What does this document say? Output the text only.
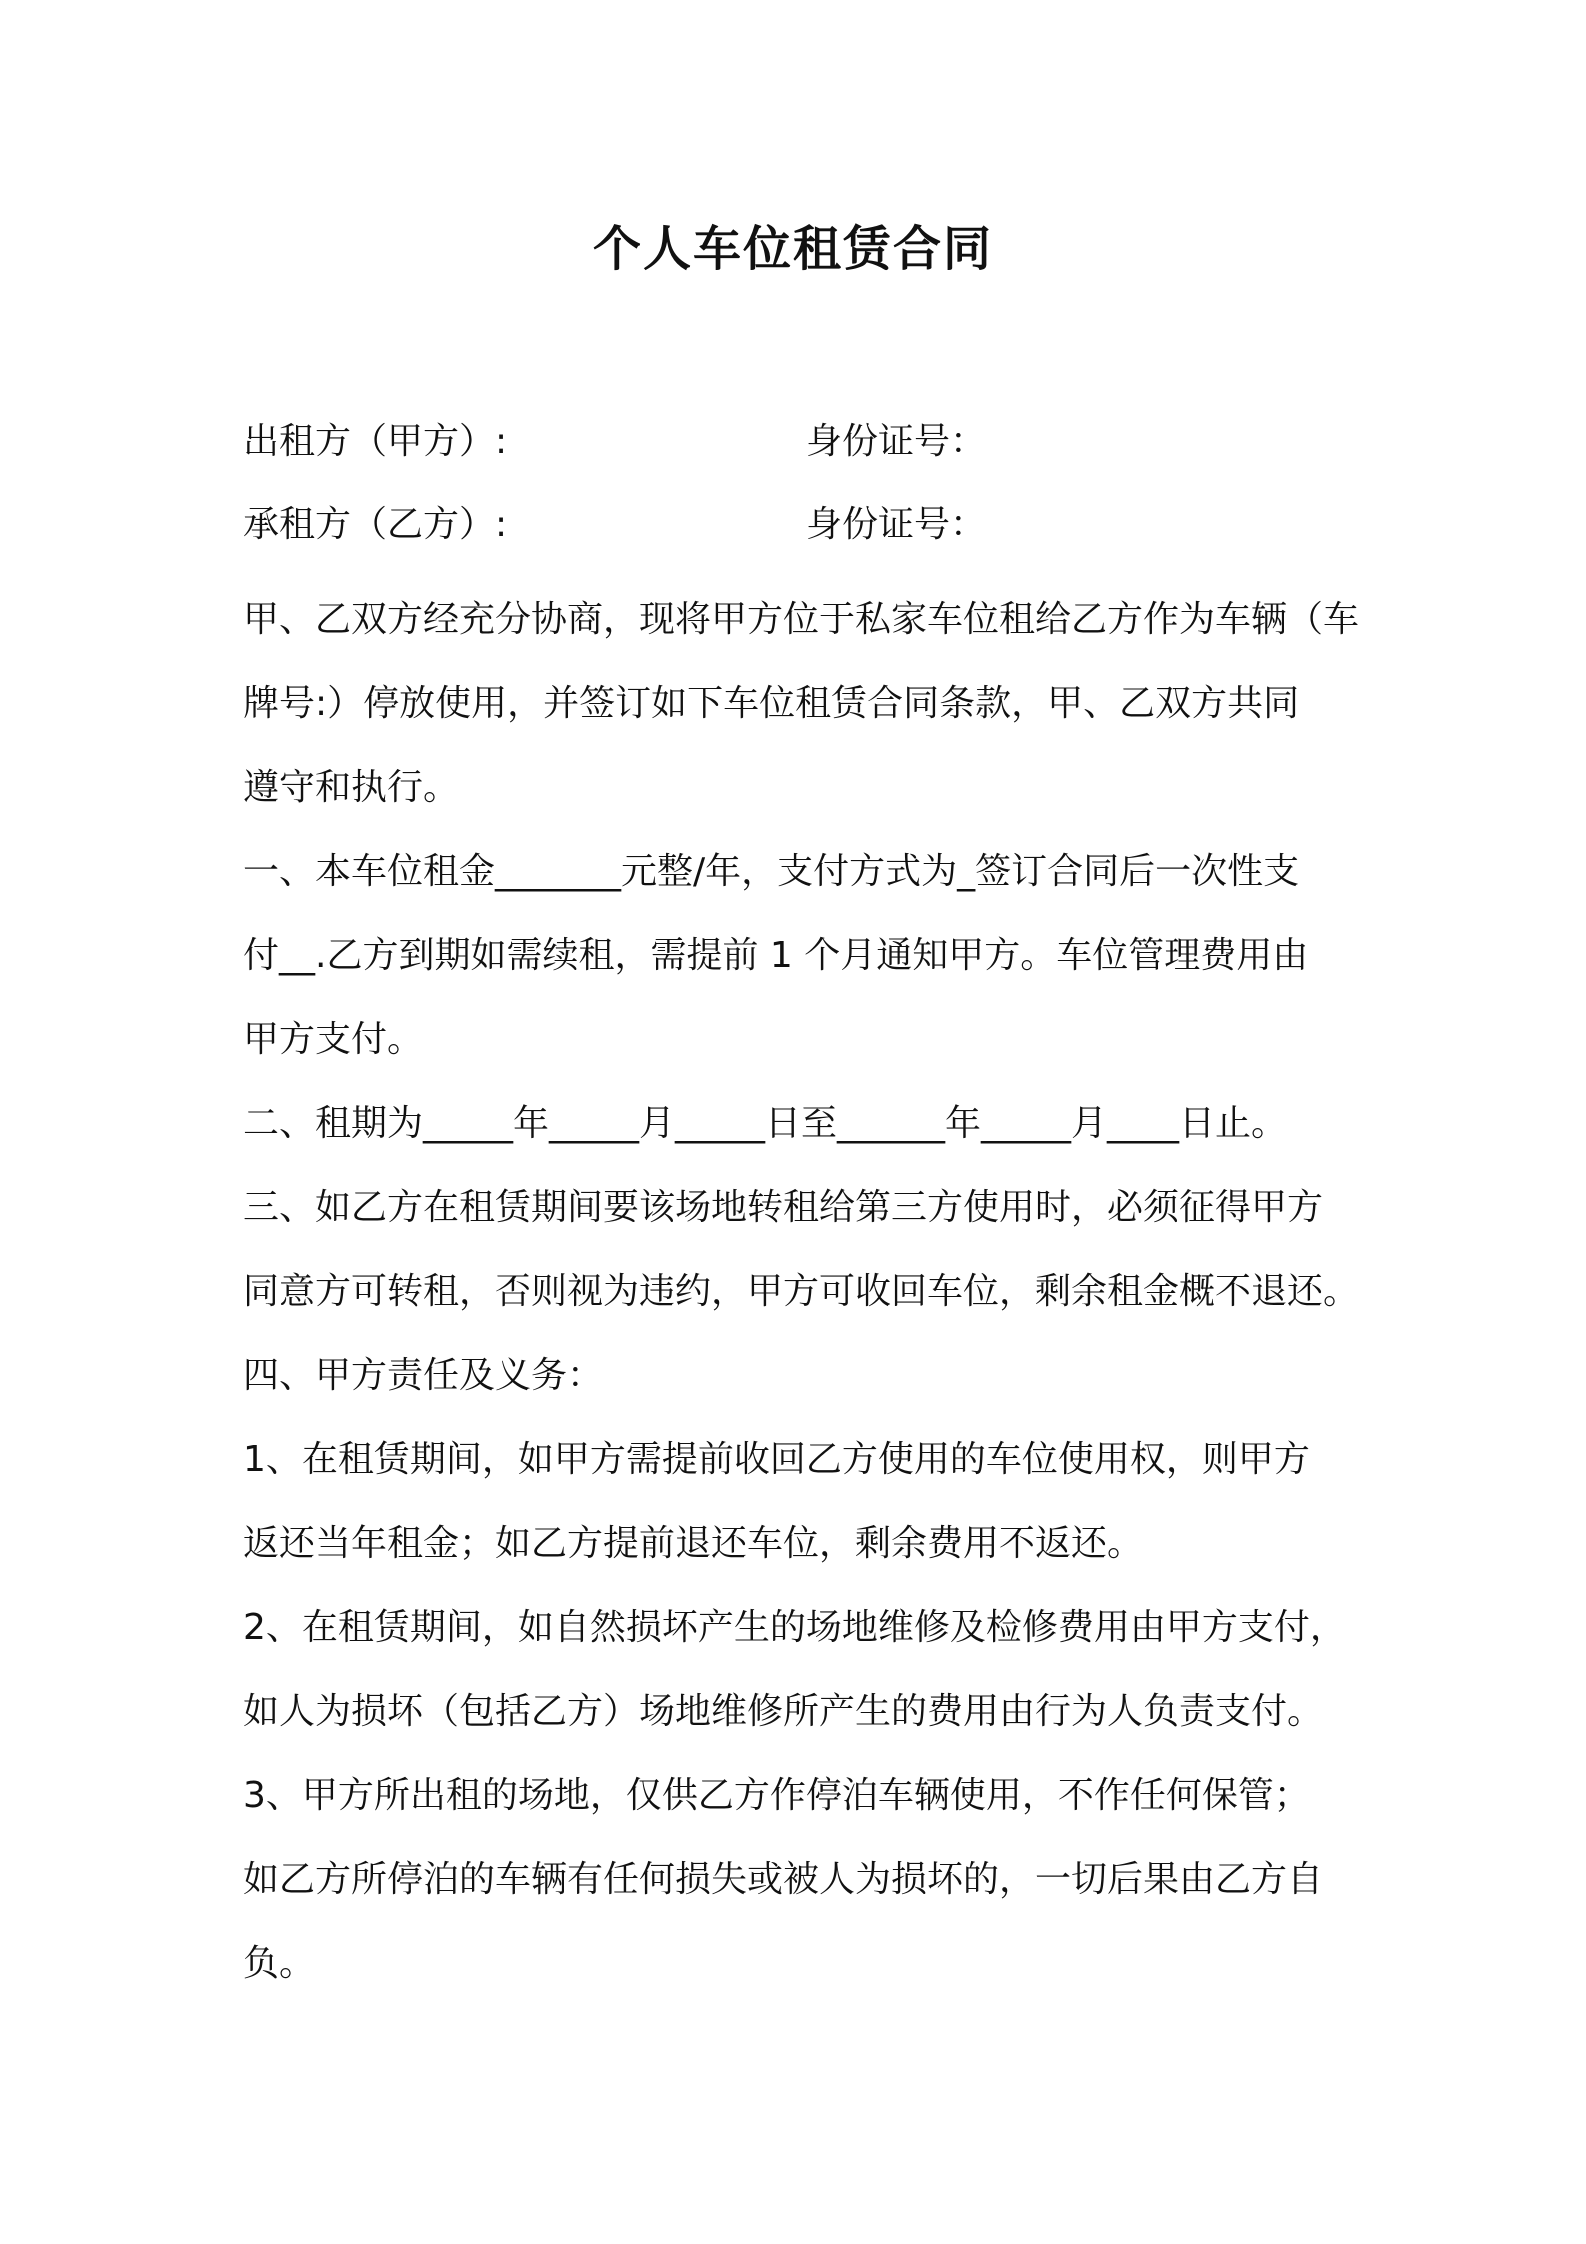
个人车位租赁合同
出租方（甲方）:	身份证号：
承租方（乙方）:	身份证号：

甲、乙双方经充分协商，现将甲方位于私家车位租给乙方作为车辆（车
牌号:）停放使用，并签订如下车位租赁合同条款，甲、乙双方共同
遵守和执行。

一、本车位租金_______元整/年，支付方式为_签订合同后一次性支
付__.乙方到期如需续租，需提前 1 个月通知甲方。车位管理费用由
甲方支付。

二、租期为_____年_____月_____日至______年_____月____日止。

三、如乙方在租赁期间要该场地转租给第三方使用时，必须征得甲方
同意方可转租，否则视为违约，甲方可收回车位，剩余租金概不退还。

四、甲方责任及义务：

1、在租赁期间，如甲方需提前收回乙方使用的车位使用权，则甲方
返还当年租金；如乙方提前退还车位，剩余费用不返还。

2、在租赁期间，如自然损坏产生的场地维修及检修费用由甲方支付，
如人为损坏（包括乙方）场地维修所产生的费用由行为人负责支付。

3、甲方所出租的场地，仅供乙方作停泊车辆使用，不作任何保管；
如乙方所停泊的车辆有任何损失或被人为损坏的，一切后果由乙方自
负。
